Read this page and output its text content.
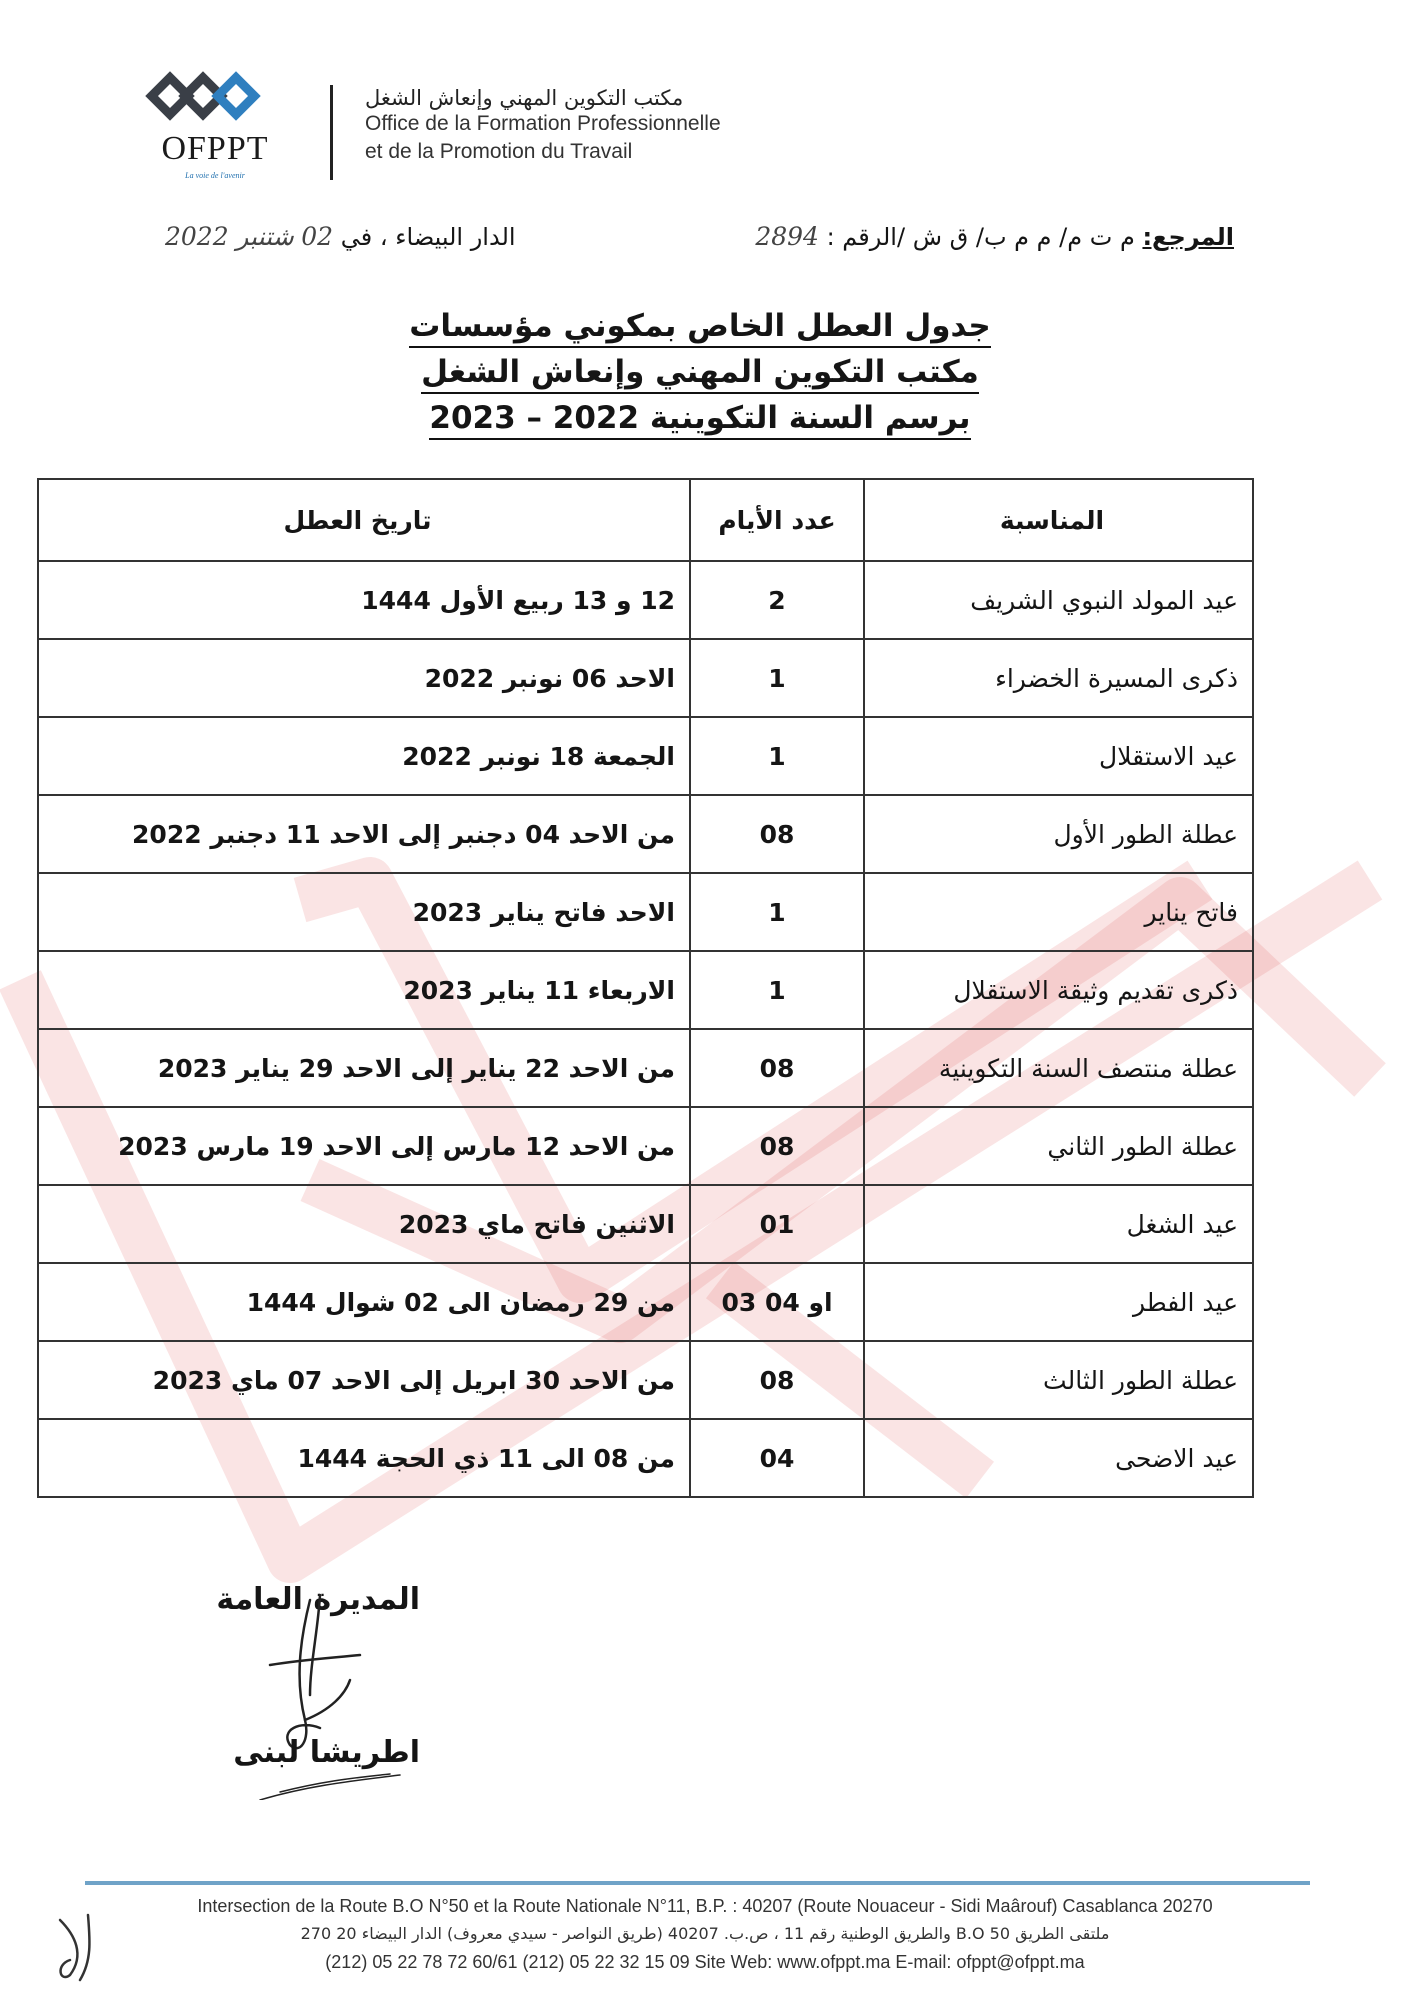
OFPPT
La voie de l'avenir
مكتب التكوين المهني وإنعاش الشغل
Office de la Formation Professionnelle
et de la Promotion du Travail
المرجع: م ت م/ م م ب/ ق ش /الرقم : 2894
الدار البيضاء ، في 02 شتنبر 2022
جدول العطل الخاص بمكوني مؤسسات
مكتب التكوين المهني وإنعاش الشغل
برسم السنة التكوينية 2022 – 2023
المناسبة	عدد الأيام	تاريخ العطل
عيد المولد النبوي الشريف	2	12 و 13 ربيع الأول 1444
ذكرى المسيرة الخضراء	1	الاحد 06 نونبر 2022
عيد الاستقلال	1	الجمعة 18 نونبر 2022
عطلة الطور الأول	08	من الاحد 04 دجنبر إلى الاحد 11 دجنبر 2022
فاتح يناير	1	الاحد فاتح يناير 2023
ذكرى تقديم وثيقة الاستقلال	1	الاربعاء 11 يناير 2023
عطلة منتصف السنة التكوينية	08	من الاحد 22 يناير إلى الاحد 29 يناير 2023
عطلة الطور الثاني	08	من الاحد 12 مارس إلى الاحد 19 مارس 2023
عيد الشغل	01	الاثنين فاتح ماي 2023
عيد الفطر	03 او 04	من 29 رمضان الى 02 شوال 1444
عطلة الطور الثالث	08	من الاحد 30 ابريل إلى الاحد 07 ماي 2023
عيد الاضحى	04	من 08 الى 11 ذي الحجة 1444
المديرة العامة
اطريشا لبنى
Intersection de la Route B.O N°50 et la Route Nationale N°11, B.P. : 40207 (Route Nouaceur - Sidi Maârouf) Casablanca 20270
ملتقى الطريق B.O 50 والطريق الوطنية رقم 11 ، ص.ب. 40207 (طريق النواصر - سيدي معروف) الدار البيضاء 20 270
(212) 05 22 78 72 60/61 (212) 05 22 32 15 09 Site Web: www.ofppt.ma E-mail: ofppt@ofppt.ma
